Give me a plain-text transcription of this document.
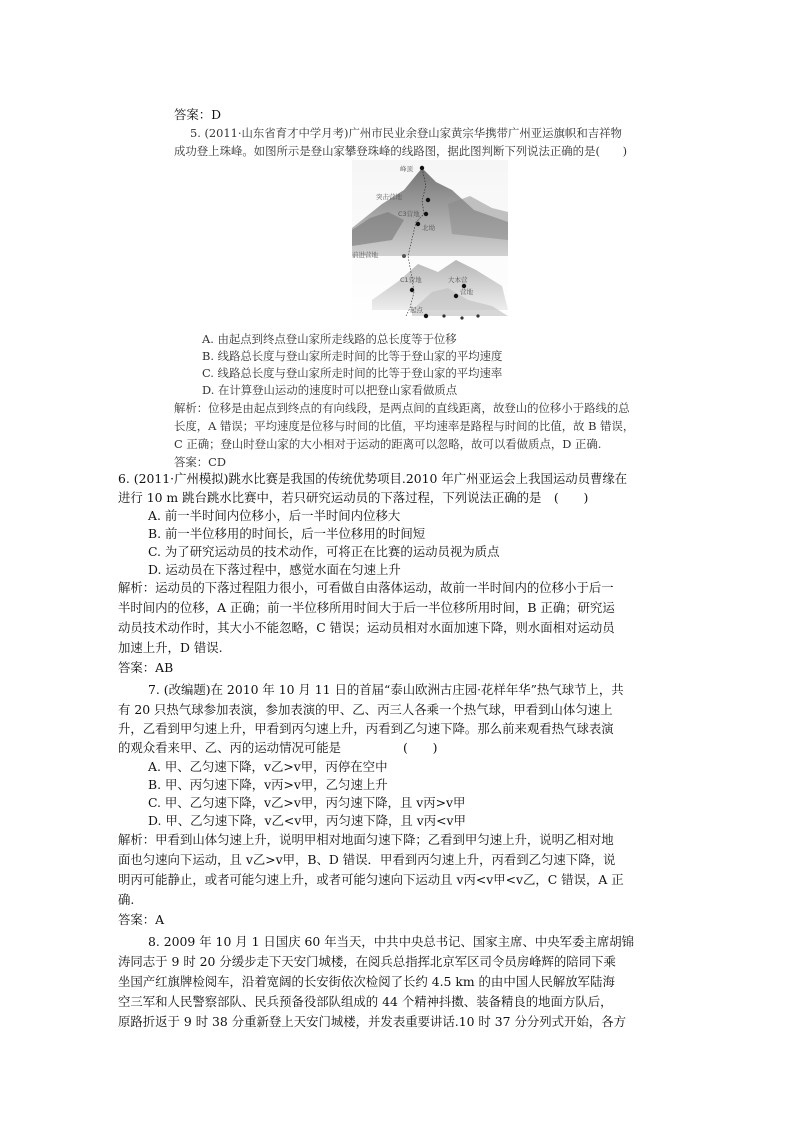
答案：D
5. (2011·山东省育才中学月考)广州市民业余登山家黄宗华携带广州亚运旗帜和吉祥物
成功登上珠峰。如图所示是登山家攀登珠峰的线路图，据此图判断下列说法正确的是(　　)
峰顶
突击营地
C3营地
北坳
前进营地
C1营地	大本营
营地
起点
A. 由起点到终点登山家所走线路的总长度等于位移
B. 线路总长度与登山家所走时间的比等于登山家的平均速度
C. 线路总长度与登山家所走时间的比等于登山家的平均速率
D. 在计算登山运动的速度时可以把登山家看做质点
解析：位移是由起点到终点的有向线段，是两点间的直线距离，故登山的位移小于路线的总
长度，A 错误；平均速度是位移与时间的比值，平均速率是路程与时间的比值，故 B 错误，
C 正确；登山时登山家的大小相对于运动的距离可以忽略，故可以看做质点，D 正确.
答案：CD
6. (2011·广州模拟)跳水比赛是我国的传统优势项目.2010 年广州亚运会上我国运动员曹缘在
进行 10 m 跳台跳水比赛中，若只研究运动员的下落过程，下列说法正确的是　(　　)
A. 前一半时间内位移小，后一半时间内位移大
B. 前一半位移用的时间长，后一半位移用的时间短
C. 为了研究运动员的技术动作，可将正在比赛的运动员视为质点
D. 运动员在下落过程中，感觉水面在匀速上升
解析：运动员的下落过程阻力很小，可看做自由落体运动，故前一半时间内的位移小于后一
半时间内的位移，A 正确；前一半位移所用时间大于后一半位移所用时间，B 正确；研究运
动员技术动作时，其大小不能忽略，C 错误；运动员相对水面加速下降，则水面相对运动员
加速上升，D 错误.
答案：AB
7. (改编题)在 2010 年 10 月 11 日的首届“泰山欧洲古庄园·花样年华”热气球节上，共
有 20 只热气球参加表演，参加表演的甲、乙、丙三人各乘一个热气球，甲看到山体匀速上
升，乙看到甲匀速上升，甲看到丙匀速上升，丙看到乙匀速下降。那么前来观看热气球表演
的观众看来甲、乙、丙的运动情况可能是　　　　　(　　)
A. 甲、乙匀速下降，v乙>v甲，丙停在空中
B. 甲、丙匀速下降，v丙>v甲，乙匀速上升
C. 甲、乙匀速下降，v乙>v甲，丙匀速下降，且 v丙>v甲
D. 甲、乙匀速下降，v乙<v甲，丙匀速下降，且 v丙<v甲
解析：甲看到山体匀速上升，说明甲相对地面匀速下降；乙看到甲匀速上升，说明乙相对地
面也匀速向下运动，且 v乙>v甲，B、D 错误．甲看到丙匀速上升，丙看到乙匀速下降，说
明丙可能静止，或者可能匀速上升，或者可能匀速向下运动且 v丙<v甲<v乙，C 错误，A 正
确.
答案：A
8. 2009 年 10 月 1 日国庆 60 年当天，中共中央总书记、国家主席、中央军委主席胡锦
涛同志于 9 时 20 分缓步走下天安门城楼，在阅兵总指挥北京军区司令员房峰辉的陪同下乘
坐国产红旗牌检阅车，沿着宽阔的长安街依次检阅了长约 4.5 km 的由中国人民解放军陆海
空三军和人民警察部队、民兵预备役部队组成的 44 个精神抖擞、装备精良的地面方队后，
原路折返于 9 时 38 分重新登上天安门城楼，并发表重要讲话.10 时 37 分分列式开始，各方
